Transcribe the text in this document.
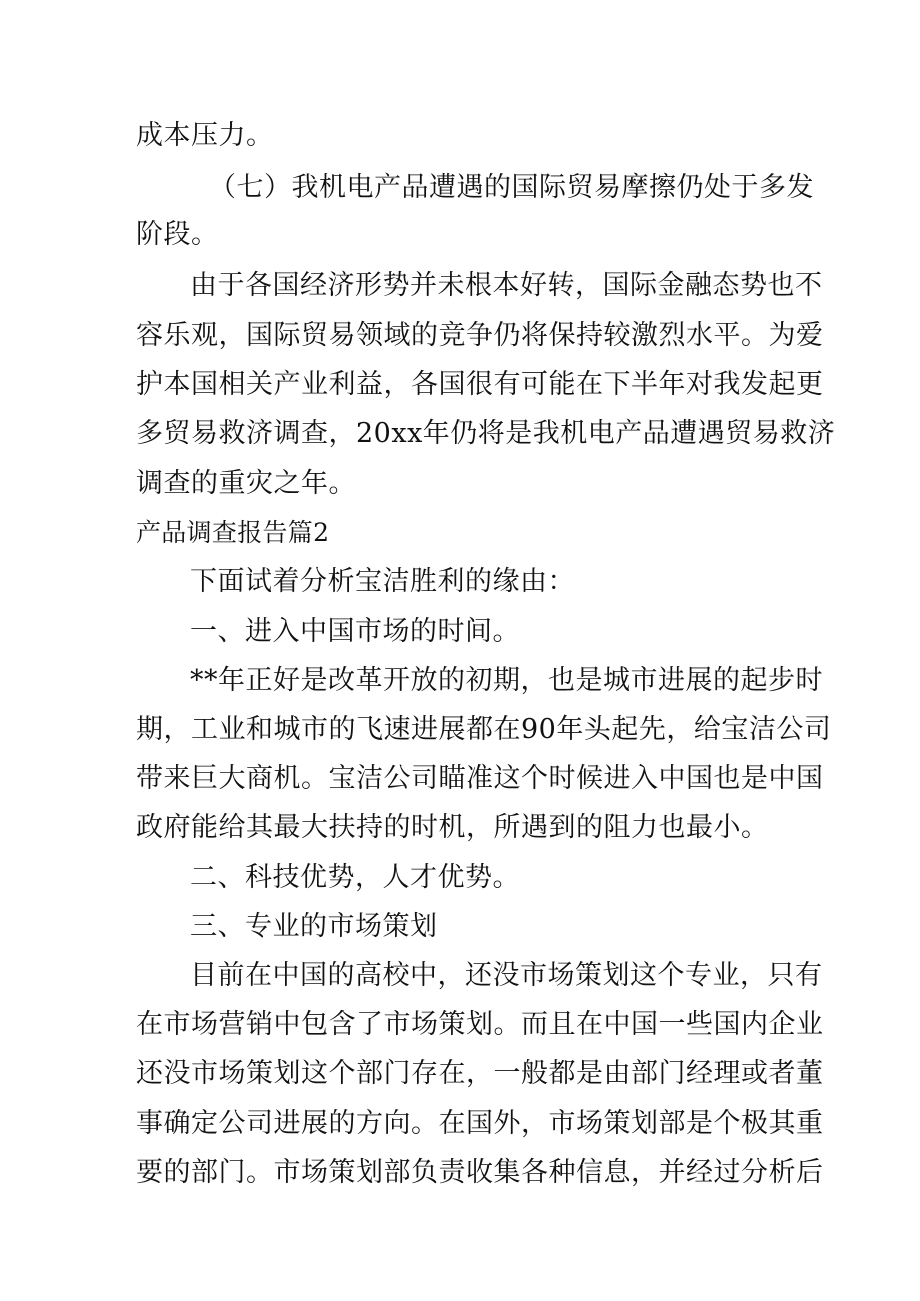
成本压力。
（七）我机电产品遭遇的国际贸易摩擦仍处于多发
阶段。
由于各国经济形势并未根本好转，国际金融态势也不
容乐观，国际贸易领域的竞争仍将保持较激烈水平。为爱
护本国相关产业利益，各国很有可能在下半年对我发起更
多贸易救济调查，20xx年仍将是我机电产品遭遇贸易救济
调查的重灾之年。
产品调查报告篇2
下面试着分析宝洁胜利的缘由：
一、进入中国市场的时间。
**年正好是改革开放的初期，也是城市进展的起步时
期，工业和城市的飞速进展都在90年头起先，给宝洁公司
带来巨大商机。宝洁公司瞄准这个时候进入中国也是中国
政府能给其最大扶持的时机，所遇到的阻力也最小。
二、科技优势，人才优势。
三、专业的市场策划
目前在中国的高校中，还没市场策划这个专业，只有
在市场营销中包含了市场策划。而且在中国一些国内企业
还没市场策划这个部门存在，一般都是由部门经理或者董
事确定公司进展的方向。在国外，市场策划部是个极其重
要的部门。市场策划部负责收集各种信息，并经过分析后
